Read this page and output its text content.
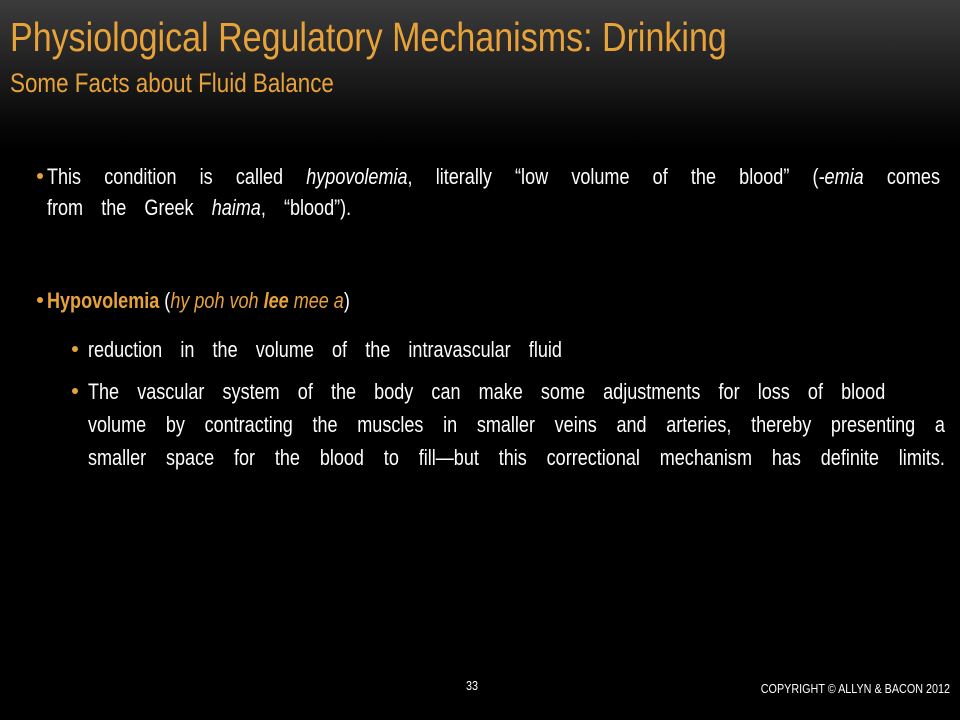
Physiological Regulatory Mechanisms: Drinking
Some Facts about Fluid Balance
This condition is called hypovolemia, literally “low volume of the blood” (-emia comes
from the Greek haima, “blood”).
Hypovolemia (hy poh voh lee mee a)
reduction in the volume of the intravascular fluid
The vascular system of the body can make some adjustments for loss of blood
volume by contracting the muscles in smaller veins and arteries, thereby presenting a
smaller space for the blood to fill—but this correctional mechanism has definite limits.
33	COPYRIGHT © ALLYN & BACON 2012
